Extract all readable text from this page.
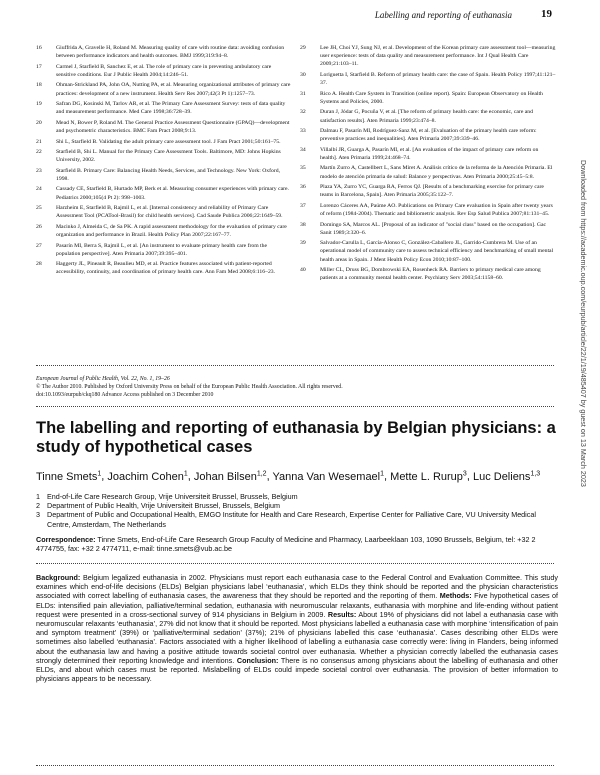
Labelling and reporting of euthanasia	19
16	Giuffrida A, Gravelle H, Roland M. Measuring quality of care with routine data: avoiding confusion between performance indicators and health outcomes. BMJ 1999;319:94–8.
17	Carmel J, Starfield B, Sanchez E, et al. The role of primary care in preventing ambulatory care sensitive conditions. Eur J Public Health 2004;14:246–51.
18	Ohman-Strickland PA, John OA, Nutting PA, et al. Measuring organizational attributes of primary care practices: development of a new instrument. Health Serv Res 2007;42(3 Pt 1):1257–73.
19	Safran DG, Kosinski M, Tarlov AR, et al. The Primary Care Assessment Survey: tests of data quality and measurement performance. Med Care 1998;36:728–39.
20	Mead N, Bower P, Roland M. The General Practice Assessment Questionnaire (GPAQ)—development and psychometric characteristics. BMC Fam Pract 2008;9:13.
21	Shi L, Starfield B. Validating the adult primary care assessment tool. J Fam Pract 2001;50:161–75.
22	Starfield B, Shi L. Manual for the Primary Care Assessment Tools. Baltimore, MD: Johns Hopkins University, 2002.
23	Starfield B. Primary Care: Balancing Health Needs, Services, and Technology. New York: Oxford, 1998.
24	Cassady CE, Starfield B, Hurtado MP, Berk et al. Measuring consumer experiences with primary care. Pediatrics 2000;105(4 Pt 2): 998–1003.
25	Harzheim E, Starfield B, Rajmil L, et al. [Internal consistency and reliability of Primary Care Assessment Tool (PCATool-Brasil) for child health services]. Cad Saude Publica 2006;22:1649–59.
26	Macinko J, Almeida C, de Sa PK. A rapid assessment methodology for the evaluation of primary care organization and performance in Brazil. Health Policy Plan 2007;22:167–77.
27	Pasarín MI, Berra S, Rajmil L, et al. [An instrument to evaluate primary health care from the population perspective]. Aten Primaria 2007;39:395–401.
28	Haggerty JL, Pineault R, Beaulieu MD, et al. Practice features associated with patient-reported accessibility, continuity, and coordination of primary health care. Ann Fam Med 2008;6:116–23.
29	Lee JH, Choi YJ, Sung NJ, et al. Development of the Korean primary care assessment tool—measuring user experience: tests of data quality and measurement performance. Int J Qual Health Care 2009;21:103–11.
30	Loriguetta I, Starfield B. Reform of primary health care: the case of Spain. Health Policy 1997;41:121–37.
31	Rico A. Health Care System in Transition (online report). Spain: European Observatory on Health Systems and Policies, 2000.
32	Duran J, Jódar G, Pocuña V, et al. [The reform of primary health care: the economic, care and satisfaction results]. Aten Primaria 1999;23:474–8.
33	Dalmau F, Pasarín MI, Rodríguez-Sanz M, et al. [Evaluation of the primary health care reform: preventive practices and inequalities]. Aten Primaria 2007;39:339–46.
34	Villalbí JR, Guarga A, Pasarín MI, et al. [An evaluation of the impact of primary care reform on health]. Aten Primaria 1999;24:468–74.
35	Martín Zurro A, Castellbert L, Sans Miret A. Análisis crítico de la reforma de la Atención Primaria. El modelo de atención primaria de salud: Balance y perspectivas. Aten Primaria 2000;25:45–5:8.
36	Plaza YA, Zurro YC, Guarga RA, Ferros QJ. [Results of a benchmarking exercise for primary care teams in Barcelona, Spain]. Aten Primaria 2005;35:122–7.
37	Lorenzo Cáceres AA, Paúme AO. Publications on Primary Care evaluation in Spain after twenty years of reform (1984-2004). Thematic and bibliometric analysis. Rev Esp Salud Publica 2007;81:131–45.
38	Domingo SA, Marcos AL. [Proposal of an indicator of "social class" based on the occupation]. Gac Sanit 1989;3:320–6.
39	Salvador-Carulla L, García-Alonso C, González-Caballero JL, Garrido-Cumbrera M. Use of an operational model of community care to assess technical efficiency and benchmarking of small mental health areas in Spain. J Ment Health Policy Econ 2010;10:87–100.
40	Miller CL, Druss BG, Dombrowski EA, Rosenheck RA. Barriers to primary medical care among patients at a community mental health center. Psychiatry Serv 2003;54:1158–60.	Downloaded from https://academic.oup.com/eurpub/article/22/1/19/485407 by guest on 13 March 2023
European Journal of Public Health, Vol. 22, No. 1, 19–26
© The Author 2010. Published by Oxford University Press on behalf of the European Public Health Association. All rights reserved.
doi:10.1093/eurpub/ckq180 Advance Access published on 3 December 2010
The labelling and reporting of euthanasia by Belgian physicians: a study of hypothetical cases
Tinne Smets$^1$, Joachim Cohen$^1$, Johan Bilsen$^{1,2}$, Yanna Van Wesemael$^1$, Mette L. Rurup$^3$, Luc Deliens$^{1,3}$
1 End-of-Life Care Research Group, Vrije Universiteit Brussel, Brussels, Belgium
2 Department of Public Health, Vrije Universiteit Brussel, Brussels, Belgium
3 Department of Public and Occupational Health, EMGO Institute for Health and Care Research, Expertise Center for Palliative Care, VU University Medical Centre, Amsterdam, The Netherlands
Correspondence: Tinne Smets, End-of-Life Care Research Group Faculty of Medicine and Pharmacy, Laarbeeklaan 103, 1090 Brussels, Belgium, tel: +32 2 4774755, fax: +32 2 4774711, e-mail: tinne.smets@vub.ac.be
Background: Belgium legalized euthanasia in 2002. Physicians must report each euthanasia case to the Federal Control and Evaluation Committee. This study examines which end-of-life decisions (ELDs) Belgian physicians label ‘euthanasia’, which ELDs they think should be reported and the physician characteristics associated with correct labelling of euthanasia cases, the awareness that they should be reported and the reporting of them. Methods: Five hypothetical cases of ELDs: intensified pain alleviation, palliative/terminal sedation, euthanasia with neuromuscular relaxants, euthanasia with morphine and life-ending without patient request were presented in a cross-sectional survey of 914 physicians in Belgium in 2009. Results: About 19% of physicians did not label a euthanasia case with neuromuscular relaxants ‘euthanasia’, 27% did not know that it should be reported. Most physicians labelled a euthanasia case with morphine ‘intensification of pain and symptom treatment’ (39%) or ‘palliative/terminal sedation’ (37%); 21% of physicians labelled this case ‘euthanasia’. Cases describing other ELDs were sometimes also labelled ‘euthanasia’. Factors associated with a higher likelihood of labelling a euthanasia case correctly were: living in Flanders, being informed about the euthanasia law and having a positive attitude towards societal control over euthanasia. Whether a physician correctly labelled the euthanasia cases strongly determined their reporting knowledge and intentions. Conclusion: There is no consensus among physicians about the labelling of euthanasia and other ELDs, and about which cases must be reported. Mislabelling of ELDs could impede societal control over euthanasia. The provision of better information to physicians appears to be necessary.
